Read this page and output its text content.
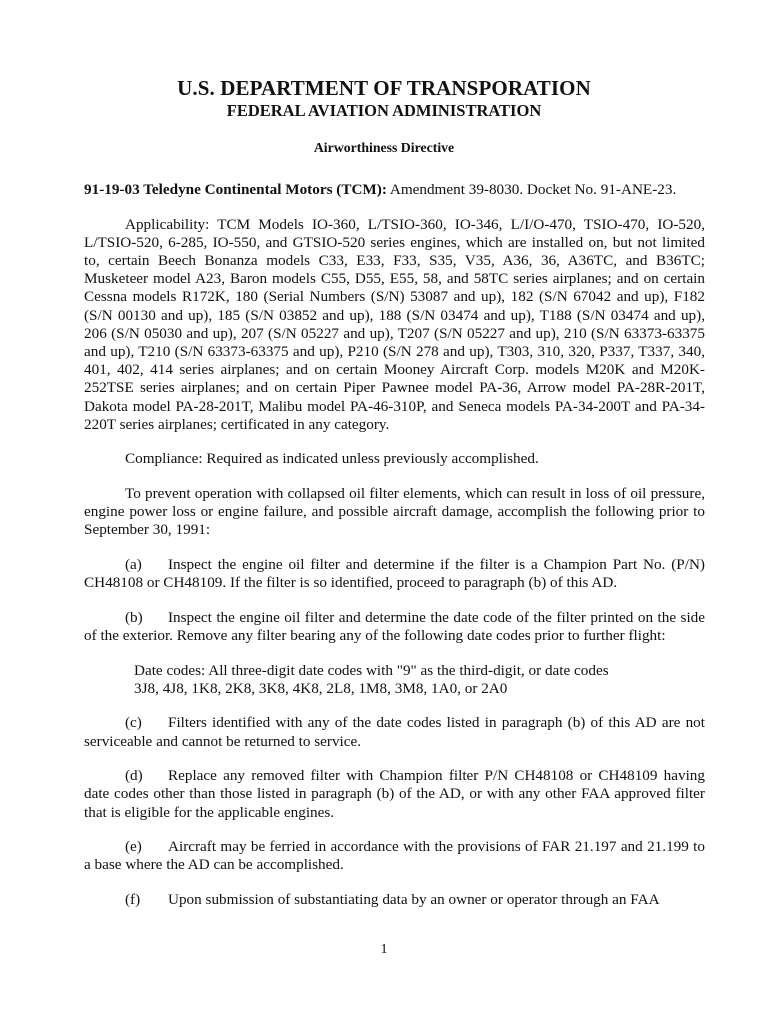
U.S. DEPARTMENT OF TRANSPORATION
FEDERAL AVIATION ADMINISTRATION
Airworthiness Directive

91-19-03 Teledyne Continental Motors (TCM): Amendment 39-8030. Docket No. 91-ANE-23.

Applicability: TCM Models IO-360, L/TSIO-360, IO-346, L/I/O-470, TSIO-470, IO-520, L/TSIO-520, 6-285, IO-550, and GTSIO-520 series engines, which are installed on, but not limited to, certain Beech Bonanza models C33, E33, F33, S35, V35, A36, 36, A36TC, and B36TC; Musketeer model A23, Baron models C55, D55, E55, 58, and 58TC series airplanes; and on certain Cessna models R172K, 180 (Serial Numbers (S/N) 53087 and up), 182 (S/N 67042 and up), F182 (S/N 00130 and up), 185 (S/N 03852 and up), 188 (S/N 03474 and up), T188 (S/N 03474 and up), 206 (S/N 05030 and up), 207 (S/N 05227 and up), T207 (S/N 05227 and up), 210 (S/N 63373-63375 and up), T210 (S/N 63373-63375 and up), P210 (S/N 278 and up), T303, 310, 320, P337, T337, 340, 401, 402, 414 series airplanes; and on certain Mooney Aircraft Corp. models M20K and M20K-252TSE series airplanes; and on certain Piper Pawnee model PA-36, Arrow model PA-28R-201T, Dakota model PA-28-201T, Malibu model PA-46-310P, and Seneca models PA-34-200T and PA-34-220T series airplanes; certificated in any category.

Compliance: Required as indicated unless previously accomplished.

To prevent operation with collapsed oil filter elements, which can result in loss of oil pressure, engine power loss or engine failure, and possible aircraft damage, accomplish the following prior to September 30, 1991:

(a) Inspect the engine oil filter and determine if the filter is a Champion Part No. (P/N) CH48108 or CH48109. If the filter is so identified, proceed to paragraph (b) of this AD.

(b) Inspect the engine oil filter and determine the date code of the filter printed on the side of the exterior. Remove any filter bearing any of the following date codes prior to further flight:

Date codes: All three-digit date codes with "9" as the third-digit, or date codes
3J8, 4J8, 1K8, 2K8, 3K8, 4K8, 2L8, 1M8, 3M8, 1A0, or 2A0

(c) Filters identified with any of the date codes listed in paragraph (b) of this AD are not serviceable and cannot be returned to service.

(d) Replace any removed filter with Champion filter P/N CH48108 or CH48109 having date codes other than those listed in paragraph (b) of the AD, or with any other FAA approved filter that is eligible for the applicable engines.

(e) Aircraft may be ferried in accordance with the provisions of FAR 21.197 and 21.199 to a base where the AD can be accomplished.

(f) Upon submission of substantiating data by an owner or operator through an FAA

1
